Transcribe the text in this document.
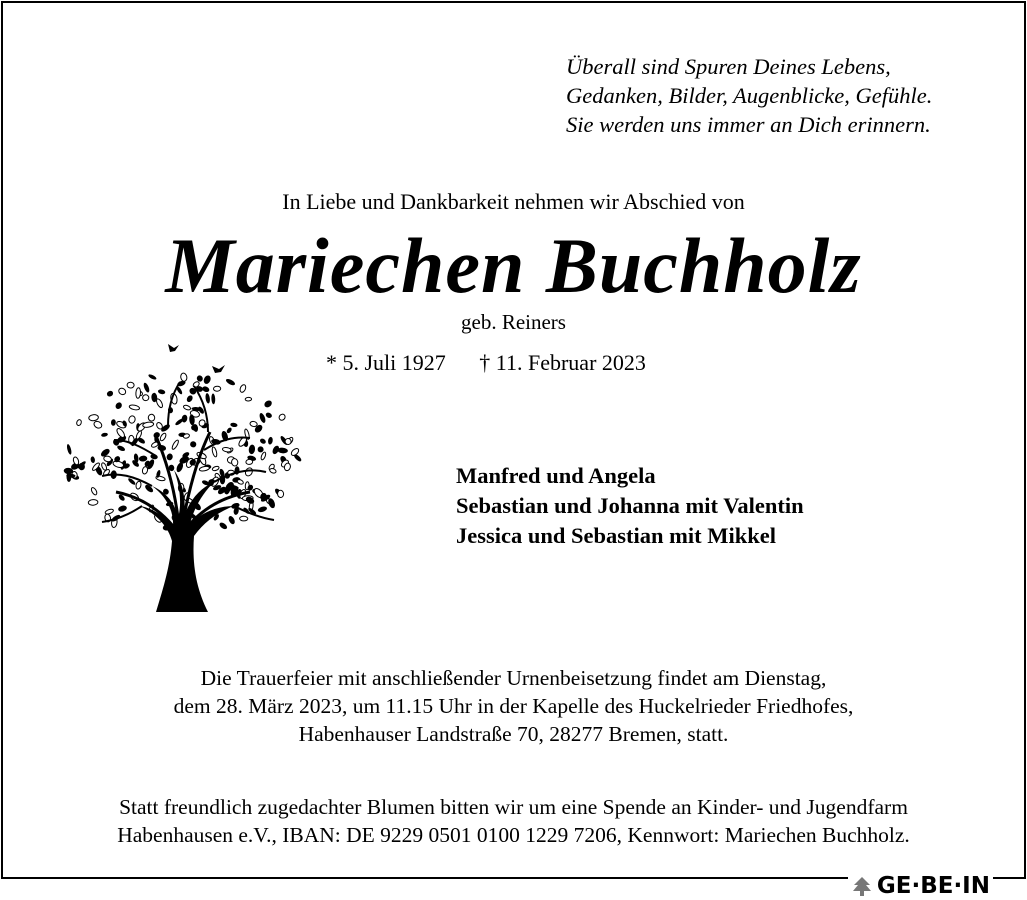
Überall sind Spuren Deines Lebens,
Gedanken, Bilder, Augenblicke, Gefühle.
Sie werden uns immer an Dich erinnern.
In Liebe und Dankbarkeit nehmen wir Abschied von
Mariechen Buchholz
geb. Reiners
* 5. Juli 1927 † 11. Februar 2023
Manfred und Angela
Sebastian und Johanna mit Valentin
Jessica und Sebastian mit Mikkel
Die Trauerfeier mit anschließender Urnenbeisetzung findet am Dienstag,
dem 28. März 2023, um 11.15 Uhr in der Kapelle des Huckelrieder Friedhofes,
Habenhauser Landstraße 70, 28277 Bremen, statt.
Statt freundlich zugedachter Blumen bitten wir um eine Spende an Kinder- und Jugendfarm
Habenhausen e.V., IBAN: DE 9229 0501 0100 1229 7206, Kennwort: Mariechen Buchholz.
GE·BE·IN
